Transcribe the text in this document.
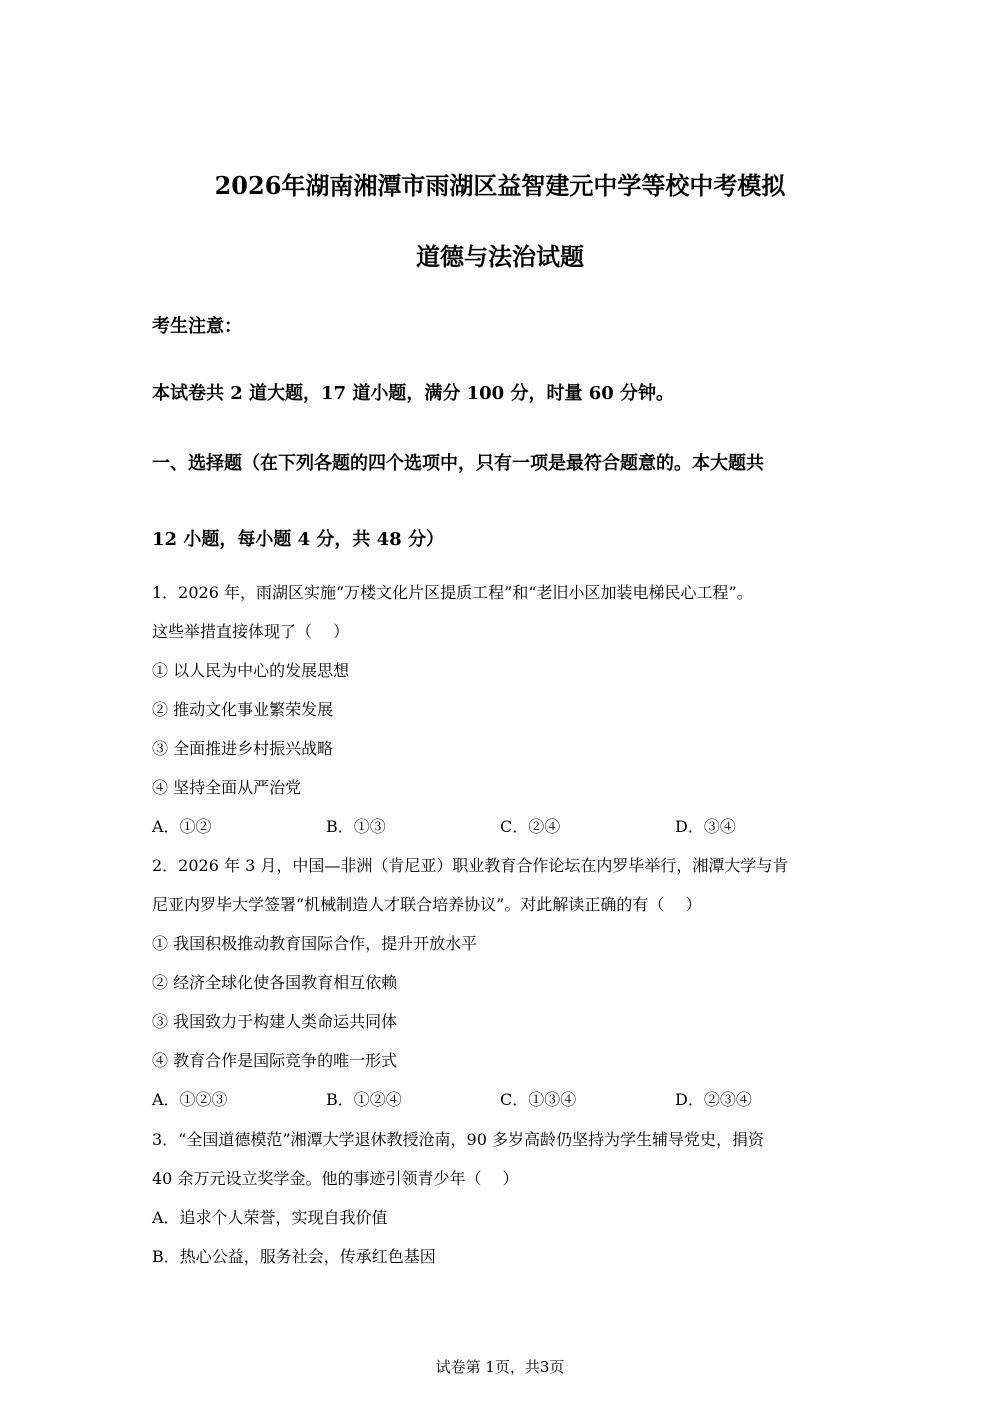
2026年湖南湘潭市雨湖区益智建元中学等校中考模拟
道德与法治试题
考生注意：
本试卷共 2 道大题，17 道小题，满分 100 分，时量 60 分钟。
一、选择题（在下列各题的四个选项中，只有一项是最符合题意的。本大题共
12 小题，每小题 4 分，共 48 分）
1．2026 年，雨湖区实施“万楼文化片区提质工程”和“老旧小区加装电梯民心工程”。
这些举措直接体现了（　 ）
① 以人民为中心的发展思想
② 推动文化事业繁荣发展
③ 全面推进乡村振兴战略
④ 坚持全面从严治党
A．①②	B．①③	C．②④	D．③④
2．2026 年 3 月，中国—非洲（肯尼亚）职业教育合作论坛在内罗毕举行，湘潭大学与肯
尼亚内罗毕大学签署“机械制造人才联合培养协议”。对此解读正确的有（　 ）
① 我国积极推动教育国际合作，提升开放水平
② 经济全球化使各国教育相互依赖
③ 我国致力于构建人类命运共同体
④ 教育合作是国际竞争的唯一形式
A．①②③	B．①②④	C．①③④	D．②③④
3．“全国道德模范”湘潭大学退休教授沧南，90 多岁高龄仍坚持为学生辅导党史，捐资
40 余万元设立奖学金。他的事迹引领青少年（　 ）
A．追求个人荣誉，实现自我价值
B．热心公益，服务社会，传承红色基因
试卷第 1页，共3页
